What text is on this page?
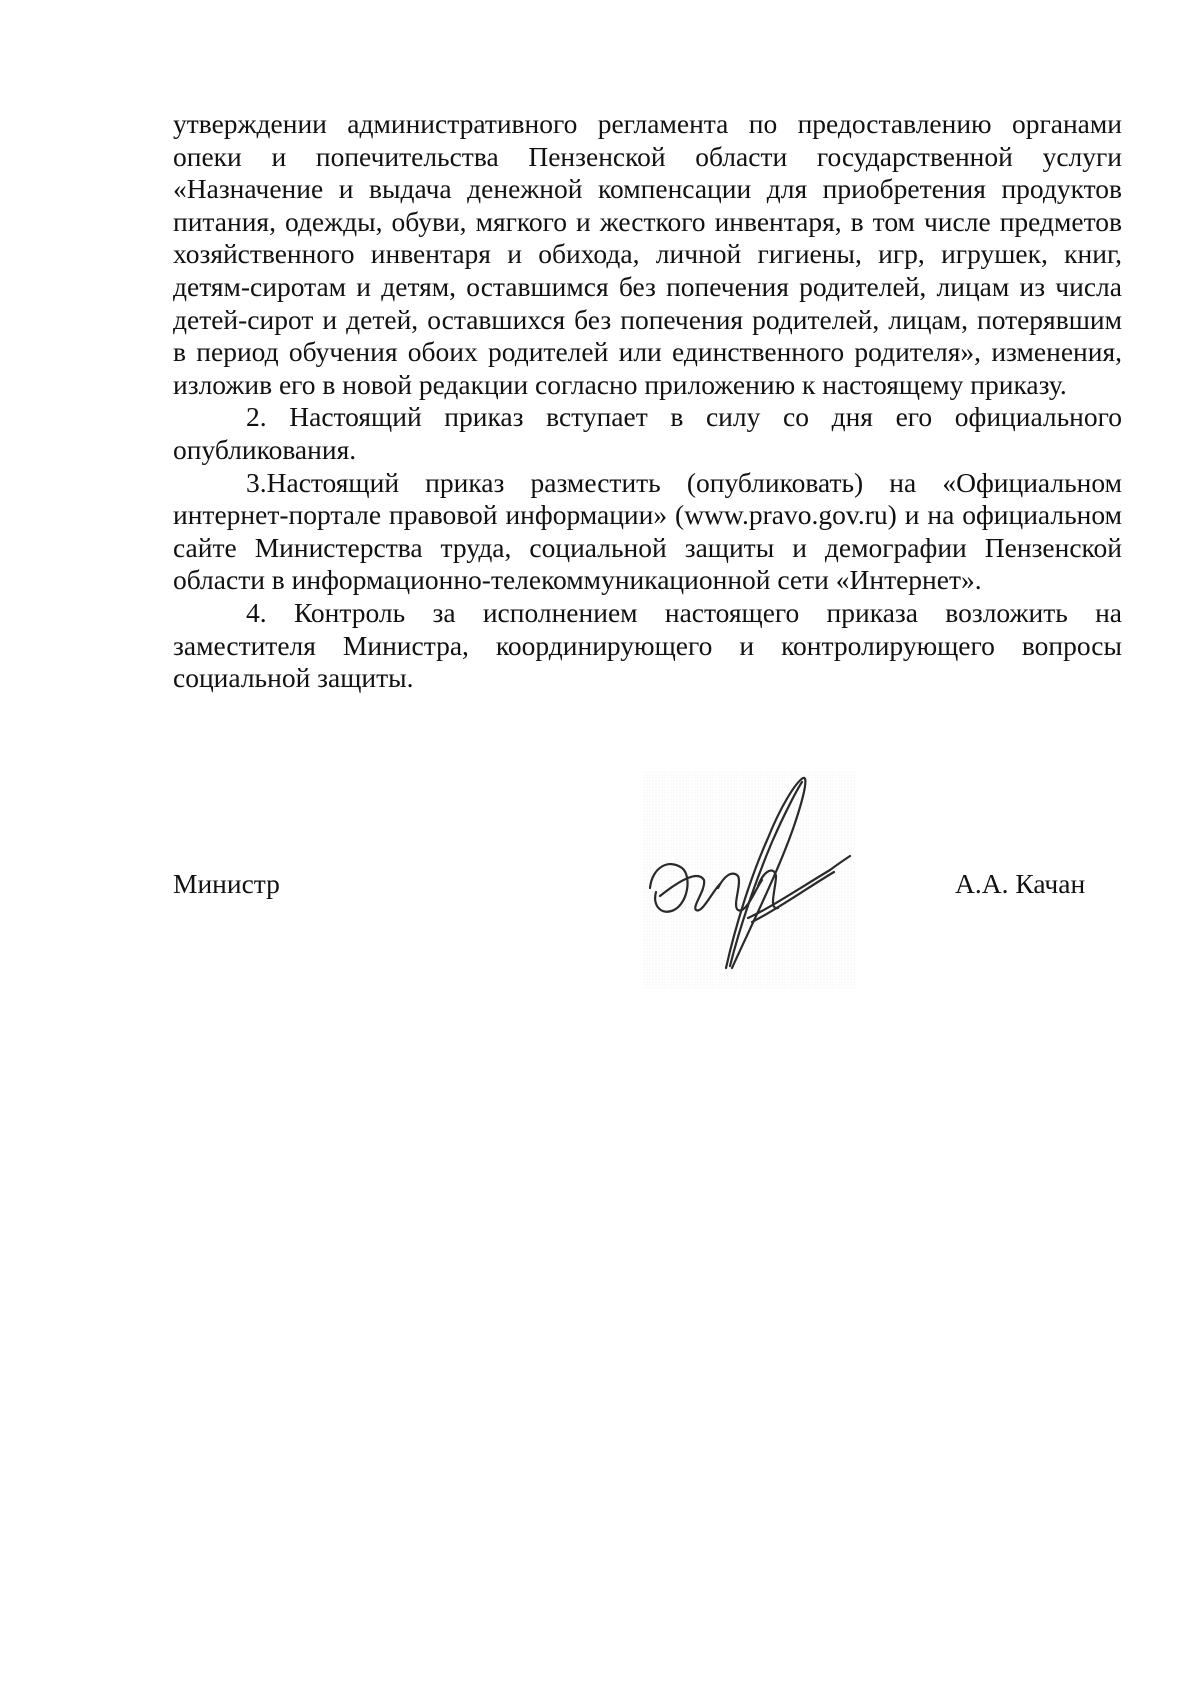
утверждении административного регламента по предоставлению органами опеки и попечительства Пензенской области государственной услуги «Назначение и выдача денежной компенсации для приобретения продуктов питания, одежды, обуви, мягкого и жесткого инвентаря, в том числе предметов хозяйственного инвентаря и обихода, личной гигиены, игр, игрушек, книг, детям-сиротам и детям, оставшимся без попечения родителей, лицам из числа детей-сирот и детей, оставшихся без попечения родителей, лицам, потерявшим в период обучения обоих родителей или единственного родителя», изменения, изложив его в новой редакции согласно приложению к настоящему приказу.

2. Настоящий приказ вступает в силу со дня его официального опубликования.

3.Настоящий приказ разместить (опубликовать) на «Официальном интернет-портале правовой информации» (www.pravo.gov.ru) и на официальном сайте Министерства труда, социальной защиты и демографии Пензенской области в информационно-телекоммуникационной сети «Интернет».

4. Контроль за исполнением настоящего приказа возложить на заместителя Министра, координирующего и контролирующего вопросы социальной защиты.

Министр	А.А. Качан
